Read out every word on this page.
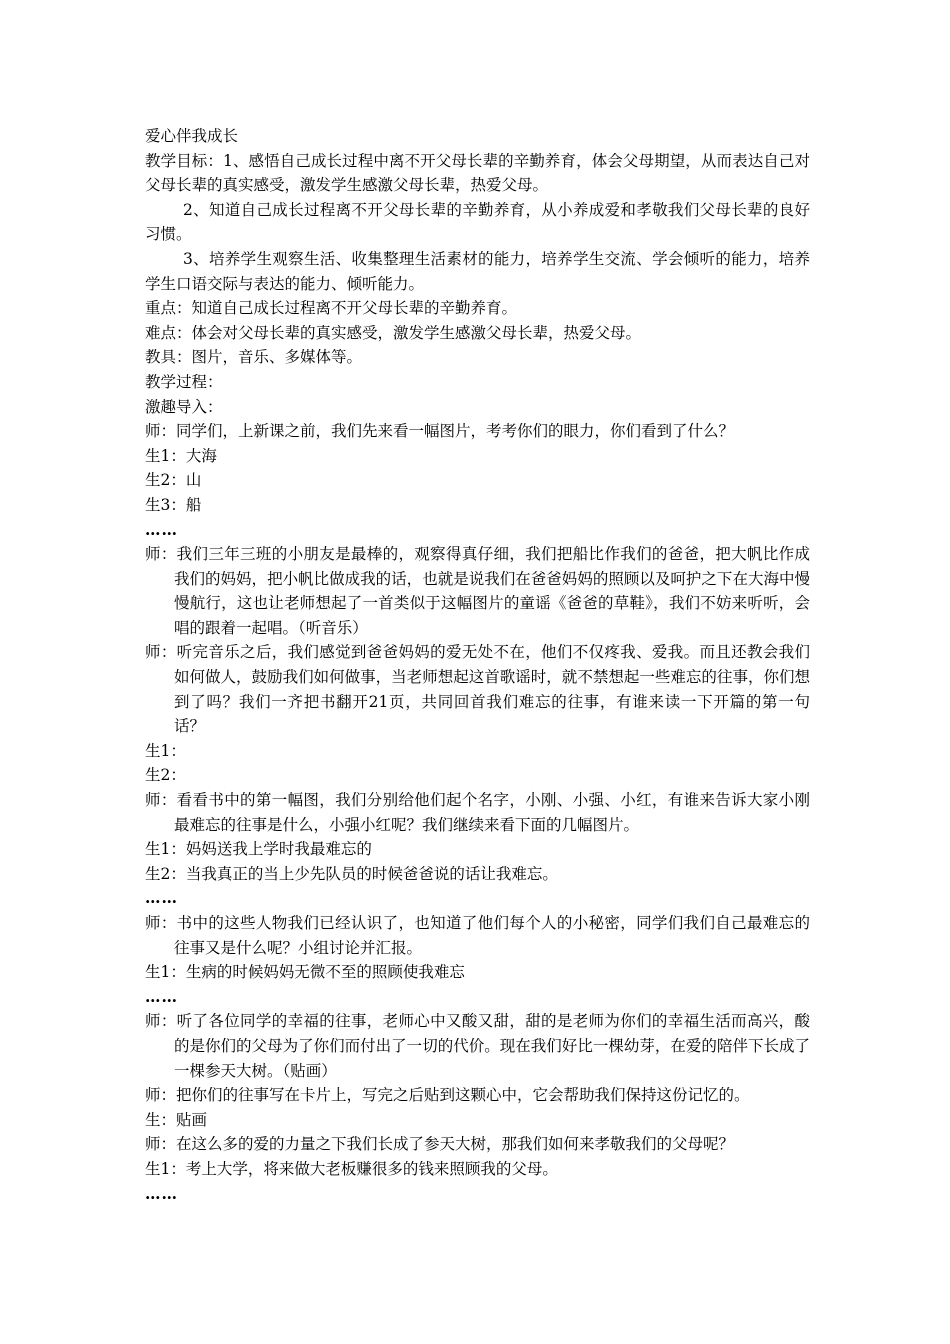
爱心伴我成长

教学目标：1、感悟自己成长过程中离不开父母长辈的辛勤养育，体会父母期望，从而表达自己对父母长辈的真实感受，激发学生感激父母长辈，热爱父母。

2、知道自己成长过程离不开父母长辈的辛勤养育，从小养成爱和孝敬我们父母长辈的良好习惯。

3、培养学生观察生活、收集整理生活素材的能力，培养学生交流、学会倾听的能力，培养学生口语交际与表达的能力、倾听能力。

重点：知道自己成长过程离不开父母长辈的辛勤养育。

难点：体会对父母长辈的真实感受，激发学生感激父母长辈，热爱父母。

教具：图片，音乐、多媒体等。

教学过程：

激趣导入：

师：同学们，上新课之前，我们先来看一幅图片，考考你们的眼力，你们看到了什么？

生1：大海

生2：山

生3：船

……

师：我们三年三班的小朋友是最棒的，观察得真仔细，我们把船比作我们的爸爸，把大帆比作成我们的妈妈，把小帆比做成我的话，也就是说我们在爸爸妈妈的照顾以及呵护之下在大海中慢慢航行，这也让老师想起了一首类似于这幅图片的童谣《爸爸的草鞋》，我们不妨来听听，会唱的跟着一起唱。（听音乐）

师：听完音乐之后，我们感觉到爸爸妈妈的爱无处不在，他们不仅疼我、爱我。而且还教会我们如何做人，鼓励我们如何做事，当老师想起这首歌谣时，就不禁想起一些难忘的往事，你们想到了吗？我们一齐把书翻开21页，共同回首我们难忘的往事，有谁来读一下开篇的第一句话？

生1：

生2：

师：看看书中的第一幅图，我们分别给他们起个名字，小刚、小强、小红，有谁来告诉大家小刚最难忘的往事是什么，小强小红呢？我们继续来看下面的几幅图片。

生1：妈妈送我上学时我最难忘的

生2：当我真正的当上少先队员的时候爸爸说的话让我难忘。

……

师：书中的这些人物我们已经认识了，也知道了他们每个人的小秘密，同学们我们自己最难忘的往事又是什么呢？小组讨论并汇报。

生1：生病的时候妈妈无微不至的照顾使我难忘

……

师：听了各位同学的幸福的往事，老师心中又酸又甜，甜的是老师为你们的幸福生活而高兴，酸的是你们的父母为了你们而付出了一切的代价。现在我们好比一棵幼芽，在爱的陪伴下长成了一棵参天大树。（贴画）

师：把你们的往事写在卡片上，写完之后贴到这颗心中，它会帮助我们保持这份记忆的。

生：贴画

师：在这么多的爱的力量之下我们长成了参天大树，那我们如何来孝敬我们的父母呢？

生1：考上大学，将来做大老板赚很多的钱来照顾我的父母。

……
